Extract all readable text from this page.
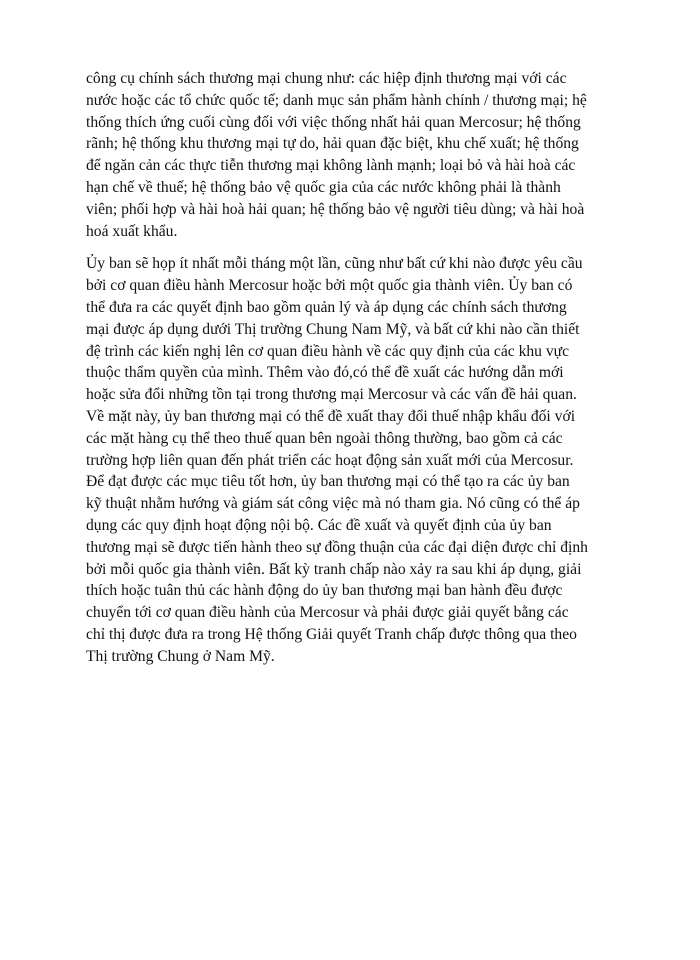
công cụ chính sách thương mại chung như: các hiệp định thương mại với các
nước hoặc các tổ chức quốc tế; danh mục sản phẩm hành chính / thương mại; hệ
thống thích ứng cuối cùng đối với việc thống nhất hải quan Mercosur; hệ thống
rãnh; hệ thống khu thương mại tự do, hải quan đặc biệt, khu chế xuất; hệ thống
để ngăn cản các thực tiễn thương mại không lành mạnh; loại bỏ và hài hoà các
hạn chế về thuế; hệ thống bảo vệ quốc gia của các nước không phải là thành
viên; phối hợp và hài hoà hải quan; hệ thống bảo vệ người tiêu dùng; và hài hoà
hoá xuất khẩu.

Ủy ban sẽ họp ít nhất mỗi tháng một lần, cũng như bất cứ khi nào được yêu cầu
bởi cơ quan điều hành Mercosur hoặc bởi một quốc gia thành viên. Ủy ban có
thể đưa ra các quyết định bao gồm quản lý và áp dụng các chính sách thương
mại được áp dụng dưới Thị trường Chung Nam Mỹ, và bất cứ khi nào cần thiết
đệ trình các kiến nghị lên cơ quan điều hành về các quy định của các khu vực
thuộc thẩm quyền của mình. Thêm vào đó,có thể đề xuất các hướng dẫn mới
hoặc sửa đổi những tồn tại trong thương mại Mercosur và các vấn đề hải quan.
Về mặt này, ủy ban thương mại có thể đề xuất thay đổi thuế nhập khẩu đối với
các mặt hàng cụ thể theo thuế quan bên ngoài thông thường, bao gồm cả các
trường hợp liên quan đến phát triển các hoạt động sản xuất mới của Mercosur.
Để đạt được các mục tiêu tốt hơn, ủy ban thương mại có thể tạo ra các ủy ban
kỹ thuật nhằm hướng và giám sát công việc mà nó tham gia. Nó cũng có thể áp
dụng các quy định hoạt động nội bộ. Các đề xuất và quyết định của ủy ban
thương mại sẽ được tiến hành theo sự đồng thuận của các đại diện được chỉ định
bởi mỗi quốc gia thành viên. Bất kỳ tranh chấp nào xảy ra sau khi áp dụng, giải
thích hoặc tuân thủ các hành động do ủy ban thương mại ban hành đều được
chuyển tới cơ quan điều hành của Mercosur và phải được giải quyết bằng các
chỉ thị được đưa ra trong Hệ thống Giải quyết Tranh chấp được thông qua theo
Thị trường Chung ở Nam Mỹ.
